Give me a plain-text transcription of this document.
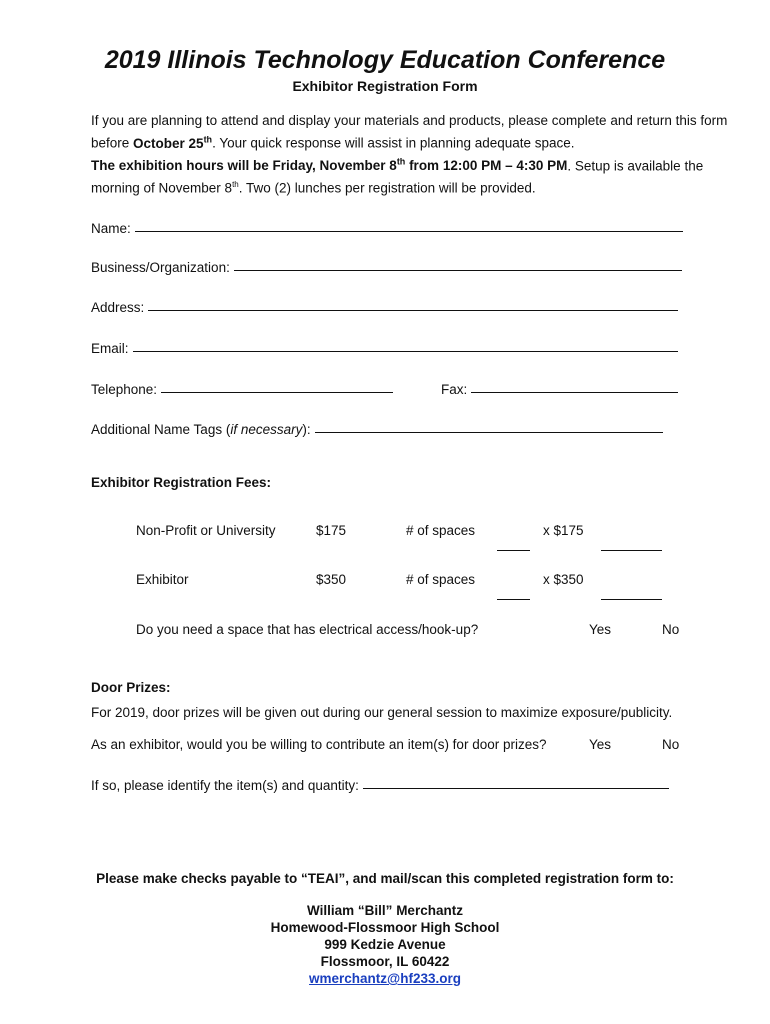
2019 Illinois Technology Education Conference
Exhibitor Registration Form

If you are planning to attend and display your materials and products, please complete and return this form before October 25th. Your quick response will assist in planning adequate space.

The exhibition hours will be Friday, November 8th from 12:00 PM – 4:30 PM. Setup is available the morning of November 8th. Two (2) lunches per registration will be provided.

Name:
Business/Organization:
Address:
Email:
Telephone:	Fax:
Additional Name Tags (if necessary):
Exhibitor Registration Fees:
Non-Profit or University	$175	# of spaces	x $175
Exhibitor	$350	# of spaces	x $350
Do you need a space that has electrical access/hook-up?	Yes	No
Door Prizes:
For 2019, door prizes will be given out during our general session to maximize exposure/publicity.
As an exhibitor, would you be willing to contribute an item(s) for door prizes?	Yes	No
If so, please identify the item(s) and quantity:
Please make checks payable to “TEAI”, and mail/scan this completed registration form to:
William “Bill” Merchantz
Homewood-Flossmoor High School
999 Kedzie Avenue
Flossmoor, IL 60422
wmerchantz@hf233.org
